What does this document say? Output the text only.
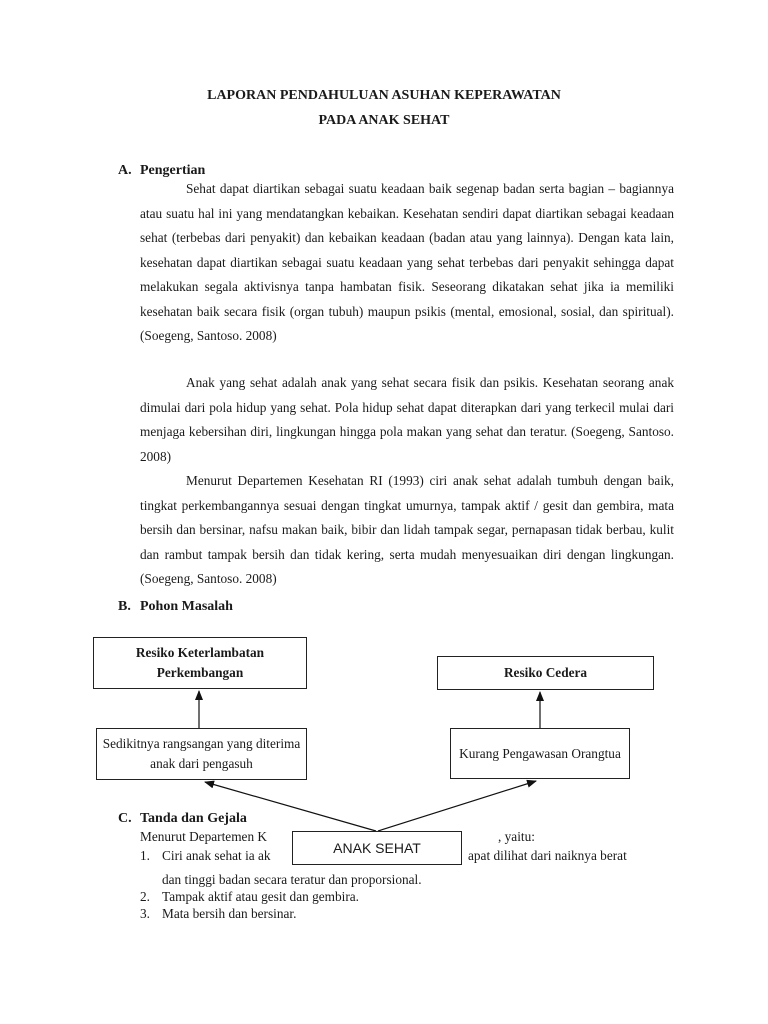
LAPORAN PENDAHULUAN ASUHAN KEPERAWATAN
PADA ANAK SEHAT
A. Pengertian

Sehat dapat diartikan sebagai suatu keadaan baik segenap badan serta bagian – bagiannya atau suatu hal ini yang mendatangkan kebaikan. Kesehatan sendiri dapat diartikan sebagai keadaan sehat (terbebas dari penyakit) dan kebaikan keadaan (badan atau yang lainnya). Dengan kata lain, kesehatan dapat diartikan sebagai suatu keadaan yang sehat terbebas dari penyakit sehingga dapat melakukan segala aktivisnya tanpa hambatan fisik. Seseorang dikatakan sehat jika ia memiliki kesehatan baik secara fisik (organ tubuh) maupun psikis (mental, emosional, sosial, dan spiritual). (Soegeng, Santoso. 2008)

Anak yang sehat adalah anak yang sehat secara fisik dan psikis. Kesehatan seorang anak dimulai dari pola hidup yang sehat. Pola hidup sehat dapat diterapkan dari yang terkecil mulai dari menjaga kebersihan diri, lingkungan hingga pola makan yang sehat dan teratur. (Soegeng, Santoso. 2008)

Menurut Departemen Kesehatan RI (1993) ciri anak sehat adalah tumbuh dengan baik, tingkat perkembangannya sesuai dengan tingkat umurnya, tampak aktif / gesit dan gembira, mata bersih dan bersinar, nafsu makan baik, bibir dan lidah tampak segar, pernapasan tidak berbau, kulit dan rambut tampak bersih dan tidak kering, serta mudah menyesuaikan diri dengan lingkungan. (Soegeng, Santoso. 2008)

B. Pohon Masalah
Resiko Keterlambatan Perkembangan	Resiko Cedera
Sedikitnya rangsangan yang diterima anak dari pengasuh
Kurang Pengawasan Orangtua
ANAK SEHAT
C. Tanda dan Gejala

Menurut Departemen K	, yaitu:

1. Ciri anak sehat ia ak	apat dilihat dari naiknya berat

dan tinggi badan secara teratur dan proporsional.

2. Tampak aktif atau gesit dan gembira.

3. Mata bersih dan bersinar.
